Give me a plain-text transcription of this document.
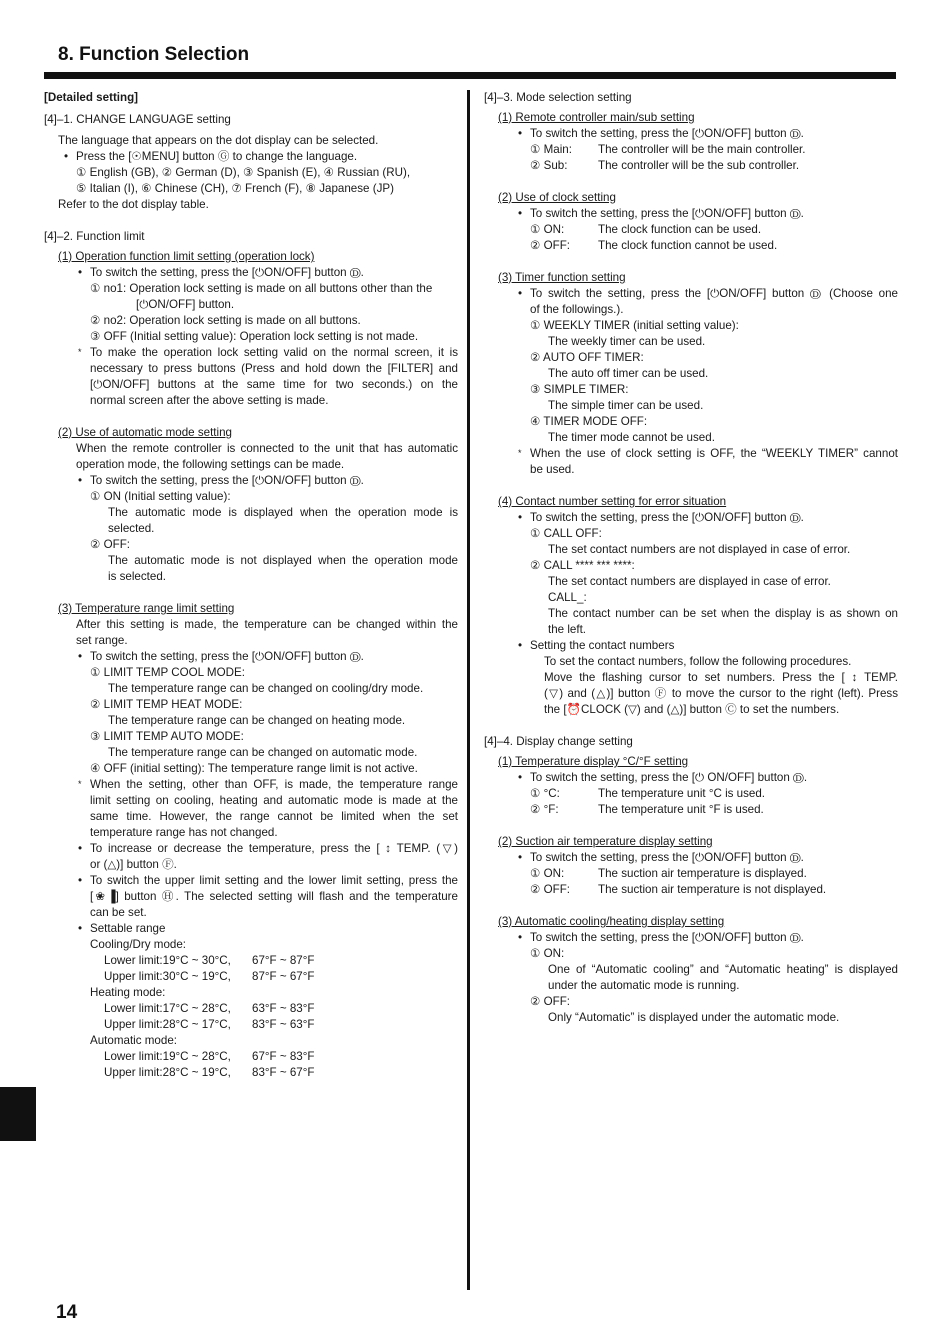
8. Function Selection
14
[Detailed setting]
[4]–1. CHANGE LANGUAGE setting
The language that appears on the dot display can be selected.
• Press the [☉MENU] button Ⓖ to change the language.
① English (GB), ② German (D), ③ Spanish (E), ④ Russian (RU),
⑤ Italian (I), ⑥ Chinese (CH), ⑦ French (F), ⑧ Japanese (JP)
Refer to the dot display table.
[4]–2. Function limit
(1) Operation function limit setting (operation lock)
• To switch the setting, press the [⏻ON/OFF] button Ⓓ.
① no1: Operation lock setting is made on all buttons other than the
[⏻ON/OFF] button.
② no2: Operation lock setting is made on all buttons.
③ OFF (Initial setting value): Operation lock setting is not made.
* To make the operation lock setting valid on the normal screen, it is
necessary to press buttons (Press and hold down the [FILTER] and
[⏻ON/OFF] buttons at the same time for two seconds.) on the
normal screen after the above setting is made.
(2) Use of automatic mode setting
When the remote controller is connected to the unit that has automatic
operation mode, the following settings can be made.
• To switch the setting, press the [⏻ON/OFF] button Ⓓ.
① ON (Initial setting value):
The automatic mode is displayed when the operation mode is
selected.
② OFF:
The automatic mode is not displayed when the operation mode
is selected.
(3) Temperature range limit setting
After this setting is made, the temperature can be changed within the
set range.
• To switch the setting, press the [⏻ON/OFF] button Ⓓ.
① LIMIT TEMP COOL MODE:
The temperature range can be changed on cooling/dry mode.
② LIMIT TEMP HEAT MODE:
The temperature range can be changed on heating mode.
③ LIMIT TEMP AUTO MODE:
The temperature range can be changed on automatic mode.
④ OFF (initial setting): The temperature range limit is not active.
* When the setting, other than OFF, is made, the temperature range
limit setting on cooling, heating and automatic mode is made at the
same time. However, the range cannot be limited when the set
temperature range has not changed.
• To increase or decrease the temperature, press the [ ↕ TEMP. (▽)
or (△)] button Ⓕ.
• To switch the upper limit setting and the lower limit setting, press the
[❀▐] button Ⓗ. The selected setting will flash and the temperature
can be set.
• Settable range
Cooling/Dry mode:
Lower limit:19°C ~ 30°C, 67°F ~ 87°F
Upper limit:30°C ~ 19°C, 87°F ~ 67°F
Heating mode:
Lower limit:17°C ~ 28°C, 63°F ~ 83°F
Upper limit:28°C ~ 17°C, 83°F ~ 63°F
Automatic mode:
Lower limit:19°C ~ 28°C, 67°F ~ 83°F
Upper limit:28°C ~ 19°C, 83°F ~ 67°F
[4]–3. Mode selection setting
(1) Remote controller main/sub setting
• To switch the setting, press the [⏻ON/OFF] button Ⓓ.
① Main: The controller will be the main controller.
② Sub:	The controller will be the sub controller.
(2) Use of clock setting
• To switch the setting, press the [⏻ON/OFF] button Ⓓ.
① ON:	The clock function can be used.
② OFF: The clock function cannot be used.
(3) Timer function setting
• To switch the setting, press the [⏻ON/OFF] button Ⓓ (Choose one
of the followings.).
① WEEKLY TIMER (initial setting value):
The weekly timer can be used.
② AUTO OFF TIMER:
The auto off timer can be used.
③ SIMPLE TIMER:
The simple timer can be used.
④ TIMER MODE OFF:
The timer mode cannot be used.
* When the use of clock setting is OFF, the “WEEKLY TIMER” cannot
be used.
(4) Contact number setting for error situation
• To switch the setting, press the [⏻ON/OFF] button Ⓓ.
① CALL OFF:
The set contact numbers are not displayed in case of error.
② CALL **** *** ****:
The set contact numbers are displayed in case of error.
CALL_:
The contact number can be set when the display is as shown on
the left.
• Setting the contact numbers
To set the contact numbers, follow the following procedures.
Move the flashing cursor to set numbers. Press the [ ↕ TEMP.
(▽) and (△)] button Ⓕ to move the cursor to the right (left). Press
the [⏰CLOCK (▽) and (△)] button Ⓒ to set the numbers.
[4]–4. Display change setting
(1) Temperature display °C/°F setting
• To switch the setting, press the [⏻ ON/OFF] button Ⓓ.
① °C:	The temperature unit °C is used.
② °F:	The temperature unit °F is used.
(2) Suction air temperature display setting
• To switch the setting, press the [⏻ON/OFF] button Ⓓ.
① ON:	The suction air temperature is displayed.
② OFF: The suction air temperature is not displayed.
(3) Automatic cooling/heating display setting
• To switch the setting, press the [⏻ON/OFF] button Ⓓ.
① ON:
One of “Automatic cooling” and “Automatic heating” is displayed
under the automatic mode is running.
② OFF:
Only “Automatic” is displayed under the automatic mode.
